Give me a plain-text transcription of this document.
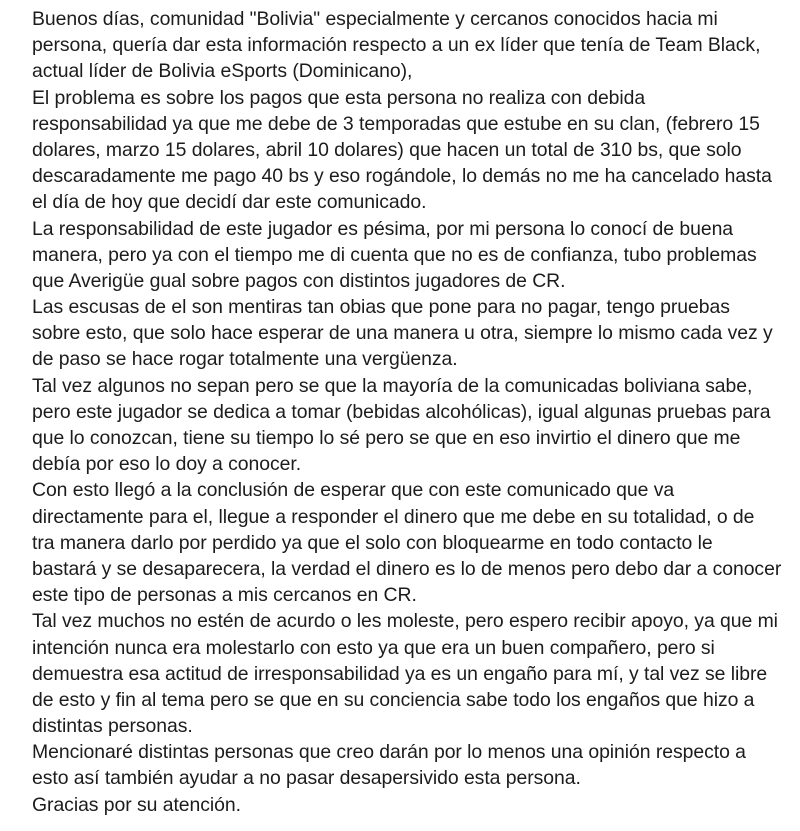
Buenos días, comunidad "Bolivia" especialmente y cercanos conocidos hacia mi
persona, quería dar esta información respecto a un ex líder que tenía de Team Black,
actual líder de Bolivia eSports (Dominicano),
El problema es sobre los pagos que esta persona no realiza con debida
responsabilidad ya que me debe de 3 temporadas que estube en su clan, (febrero 15
dolares, marzo 15 dolares, abril 10 dolares) que hacen un total de 310 bs, que solo
descaradamente me pago 40 bs y eso rogándole, lo demás no me ha cancelado hasta
el día de hoy que decidí dar este comunicado.
La responsabilidad de este jugador es pésima, por mi persona lo conocí de buena
manera, pero ya con el tiempo me di cuenta que no es de confianza, tubo problemas
que Averigüe gual sobre pagos con distintos jugadores de CR.
Las escusas de el son mentiras tan obias que pone para no pagar, tengo pruebas
sobre esto, que solo hace esperar de una manera u otra, siempre lo mismo cada vez y
de paso se hace rogar totalmente una vergüenza.
Tal vez algunos no sepan pero se que la mayoría de la comunicadas boliviana sabe,
pero este jugador se dedica a tomar (bebidas alcohólicas), igual algunas pruebas para
que lo conozcan, tiene su tiempo lo sé pero se que en eso invirtio el dinero que me
debía por eso lo doy a conocer.
Con esto llegó a la conclusión de esperar que con este comunicado que va
directamente para el, llegue a responder el dinero que me debe en su totalidad, o de
tra manera darlo por perdido ya que el solo con bloquearme en todo contacto le
bastará y se desaparecera, la verdad el dinero es lo de menos pero debo dar a conocer
este tipo de personas a mis cercanos en CR.
Tal vez muchos no estén de acurdo o les moleste, pero espero recibir apoyo, ya que mi
intención nunca era molestarlo con esto ya que era un buen compañero, pero si
demuestra esa actitud de irresponsabilidad ya es un engaño para mí, y tal vez se libre
de esto y fin al tema pero se que en su conciencia sabe todo los engaños que hizo a
distintas personas.
Mencionaré distintas personas que creo darán por lo menos una opinión respecto a
esto así también ayudar a no pasar desapersivido esta persona.
Gracias por su atención.
